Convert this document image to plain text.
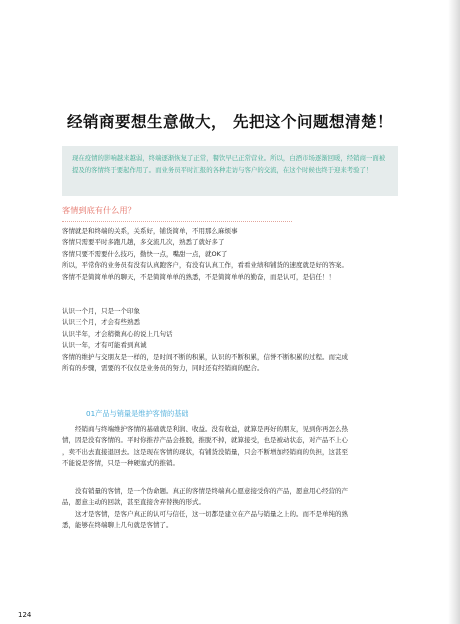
经销商要想生意做大， 先把这个问题想清楚！
现在疫情的影响越来越弱，终端逐渐恢复了正常，餐饮早已正常营业。所以，白酒市场逐渐回暖，经销商一面被提及的客情终于要起作用了。而业务员平时汇报的各种走访与客户的交流，在这个时候也终于迎来考验了！
客情到底有什么用？
客情就是和终端的关系，关系好，铺货简单，不用那么麻烦事
客情只需要平时多跑几趟，多交流几次，熟悉了就好多了
客情只要不需要什么技巧，勤快一点，嘴甜一点，就OK了
所以，平常你的业务员有没有认真跑客户，有没有认真工作，看看业绩和铺货的速度就是好的答案。
客情不是简简单单的聊天，不是简简单单的熟悉，不是简简单单的勤奋，而是认可，是信任！！
认识一个月，只是一个印象
认识三个月，才会有些熟悉
认识半年，才会稍微真心的说上几句话
认识一年，才有可能看到真诚
客情的维护与交朋友是一样的，是时间不断的积累，认识的不断积累，信誉不断积累的过程。而完成
所有的步骤，需要的不仅仅是业务员的努力，同时还有经销商的配合。
01产品与销量是维护客情的基础
经销商与终端维护客情的基础就是利润、收益。没有收益，就算是再好的朋友，见到你再怎么热
情，因是没有客情的。平时你推荐产品会推脱，推脱不掉，就算接受，也是被动状态，对产品不上心
，卖不出去直接退回去。这是现在客情的现状，有铺货没销量，只会不断增加经销商的负担，这甚至
不能说是客情，只是一种硬塞式的推销。
没有销量的客情，是一个伪命题。真正的客情是终端真心愿意接受你的产品，愿意用心经营的产
品，愿意主动的回款，甚至直接舍弃替换的形式。
这才是客情，是客户真正的认可与信任，这一切都是建立在产品与销量之上的。而不是单纯的熟
悉，能够在终端聊上几句就是客情了。
124
